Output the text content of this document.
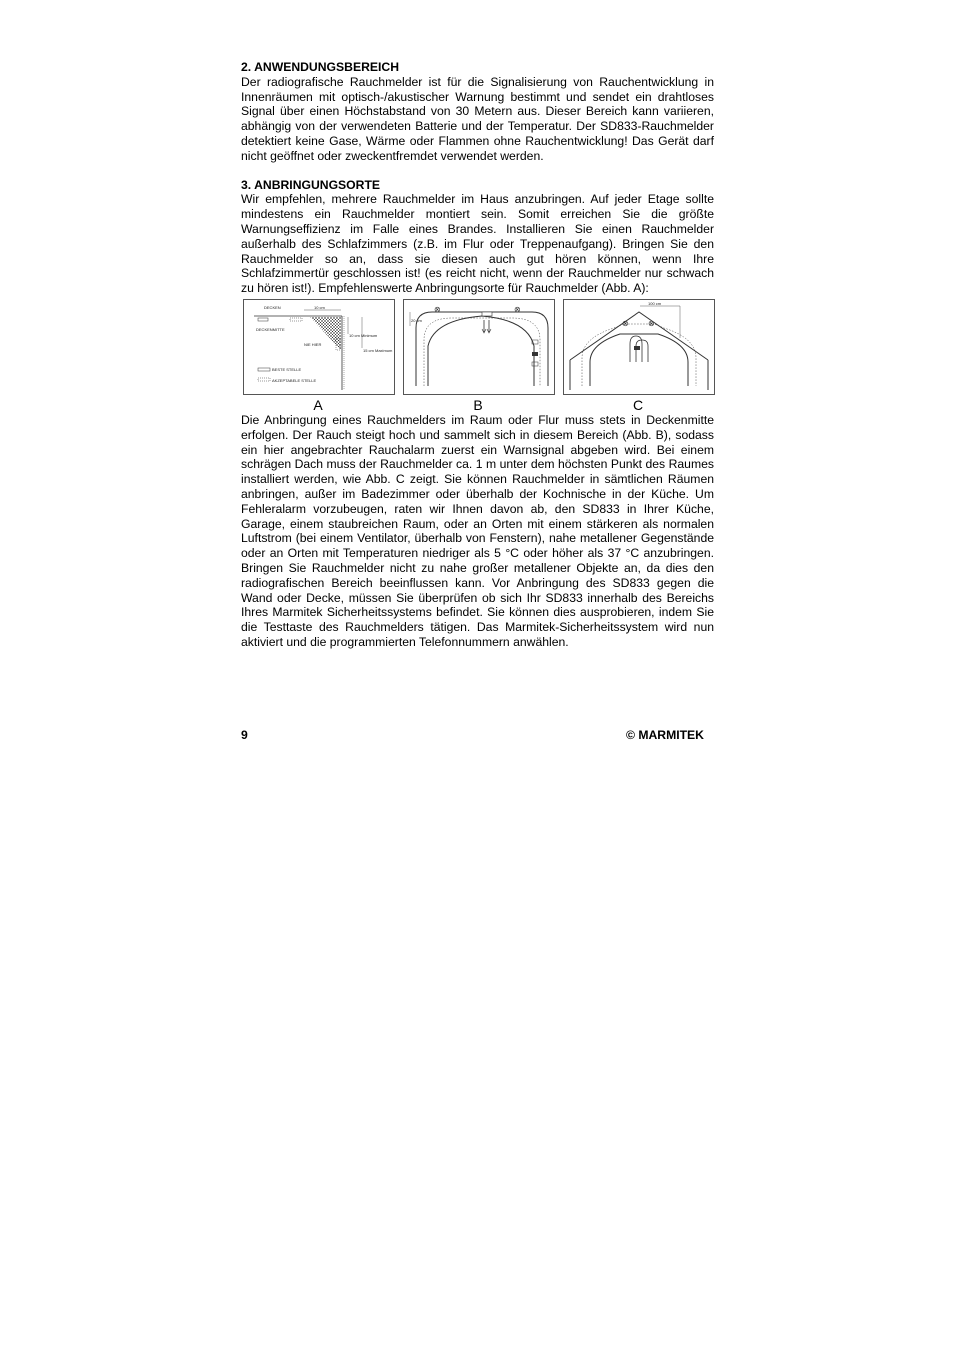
2. ANWENDUNGSBEREICH

Der radiografische Rauchmelder ist für die Signalisierung von Rauchentwicklung in Innenräumen mit optisch-/akustischer Warnung bestimmt und sendet ein drahtloses Signal über einen Höchstabstand von 30 Metern aus. Dieser Bereich kann variieren, abhängig von der verwendeten Batterie und der Temperatur. Der SD833-Rauchmelder detektiert keine Gase, Wärme oder Flammen ohne Rauchentwicklung! Das Gerät darf nicht geöffnet oder zweckentfremdet verwendet werden.

3. ANBRINGUNGSORTE

Wir empfehlen, mehrere Rauchmelder im Haus anzubringen. Auf jeder Etage sollte mindestens ein Rauchmelder montiert sein. Somit erreichen Sie die größte Warnungseffizienz im Falle eines Brandes. Installieren Sie einen Rauchmelder außerhalb des Schlafzimmers (z.B. im Flur oder Treppenaufgang). Bringen Sie den Rauchmelder so an, dass sie diesen auch gut hören können, wenn Ihre Schlafzimmertür geschlossen ist! (es reicht nicht, wenn der Rauchmelder nur schwach zu hören ist!). Empfehlenswerte Anbringungsorte für Rauchmelder (Abb. A):

DECKEN	10 cm
DECKENMITTE
NIE HIER
10 cm Minimum
15 cm Maximum
BESTE STELLE
AKZEPTABELE STELLE
A
⊗	⊗
20 cm
B
⊗ ⊗
100 cm
C

Die Anbringung eines Rauchmelders im Raum oder Flur muss stets in Deckenmitte erfolgen. Der Rauch steigt hoch und sammelt sich in diesem Bereich (Abb. B), sodass ein hier angebrachter Rauchalarm zuerst ein Warnsignal abgeben wird. Bei einem schrägen Dach muss der Rauchmelder ca. 1 m unter dem höchsten Punkt des Raumes installiert werden, wie Abb. C zeigt. Sie können Rauchmelder in sämtlichen Räumen anbringen, außer im Badezimmer oder überhalb der Kochnische in der Küche. Um Fehleralarm vorzubeugen, raten wir Ihnen davon ab, den SD833 in Ihrer Küche, Garage, einem staubreichen Raum, oder an Orten mit einem stärkeren als normalen Luftstrom (bei einem Ventilator, überhalb von Fenstern), nahe metallener Gegenstände oder an Orten mit Temperaturen niedriger als 5 °C oder höher als 37 °C anzubringen. Bringen Sie Rauchmelder nicht zu nahe großer metallener Objekte an, da dies den radiografischen Bereich beeinflussen kann. Vor Anbringung des SD833 gegen die Wand oder Decke, müssen Sie überprüfen ob sich Ihr SD833 innerhalb des Bereichs Ihres Marmitek Sicherheitssystems befindet. Sie können dies ausprobieren, indem Sie die Testtaste des Rauchmelders tätigen. Das Marmitek-Sicherheitssystem wird nun aktiviert und die programmierten Telefonnummern anwählen.

9	© MARMITEK
